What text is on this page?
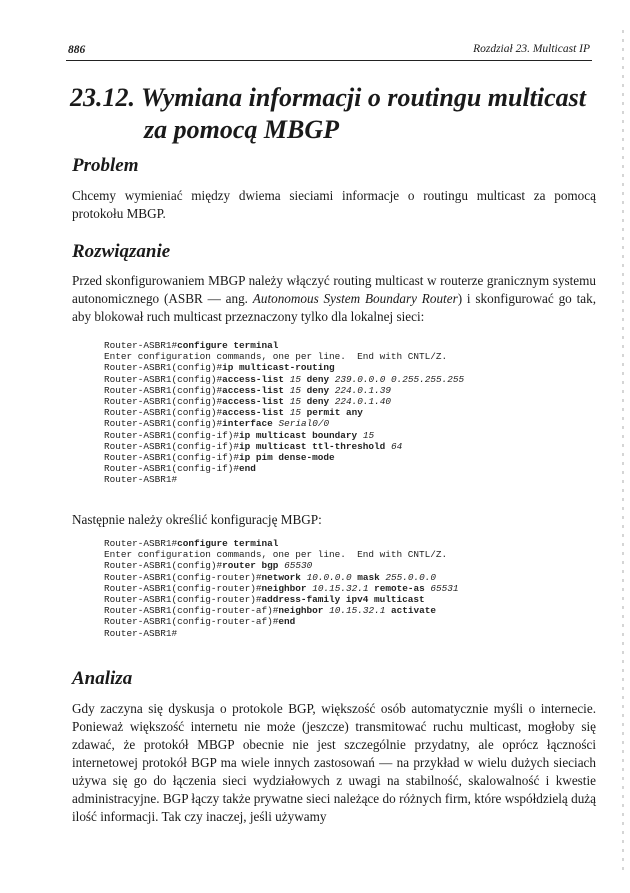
886	Rozdział 23. Multicast IP
23.12. Wymiana informacji o routingu multicast
za pomocą MBGP
Problem

Chcemy wymieniać między dwiema sieciami informacje o routingu multicast za pomocą protokołu MBGP.

Rozwiązanie

Przed skonfigurowaniem MBGP należy włączyć routing multicast w routerze granicznym systemu autonomicznego (ASBR — ang. Autonomous System Boundary Router) i skonfigurować go tak, aby blokował ruch multicast przeznaczony tylko dla lokalnej sieci:

Router-ASBR1#configure terminal
Enter configuration commands, one per line.  End with CNTL/Z.
Router-ASBR1(config)#ip multicast-routing
Router-ASBR1(config)#access-list 15 deny 239.0.0.0 0.255.255.255
Router-ASBR1(config)#access-list 15 deny 224.0.1.39
Router-ASBR1(config)#access-list 15 deny 224.0.1.40
Router-ASBR1(config)#access-list 15 permit any
Router-ASBR1(config)#interface Serial0/0
Router-ASBR1(config-if)#ip multicast boundary 15
Router-ASBR1(config-if)#ip multicast ttl-threshold 64
Router-ASBR1(config-if)#ip pim dense-mode
Router-ASBR1(config-if)#end
Router-ASBR1#

Następnie należy określić konfigurację MBGP:

Router-ASBR1#configure terminal
Enter configuration commands, one per line.  End with CNTL/Z.
Router-ASBR1(config)#router bgp 65530
Router-ASBR1(config-router)#network 10.0.0.0 mask 255.0.0.0
Router-ASBR1(config-router)#neighbor 10.15.32.1 remote-as 65531
Router-ASBR1(config-router)#address-family ipv4 multicast
Router-ASBR1(config-router-af)#neighbor 10.15.32.1 activate
Router-ASBR1(config-router-af)#end
Router-ASBR1#

Analiza

Gdy zaczyna się dyskusja o protokole BGP, większość osób automatycznie myśli o internecie. Ponieważ większość internetu nie może (jeszcze) transmitować ruchu multicast, mogłoby się zdawać, że protokół MBGP obecnie nie jest szczególnie przydatny, ale oprócz łączności internetowej protokół BGP ma wiele innych zastosowań — na przykład w wielu dużych sieciach używa się go do łączenia sieci wydziałowych z uwagi na stabilność, skalowalność i kwestie administracyjne. BGP łączy także prywatne sieci należące do różnych firm, które współdzielą dużą ilość informacji. Tak czy inaczej, jeśli używamy
